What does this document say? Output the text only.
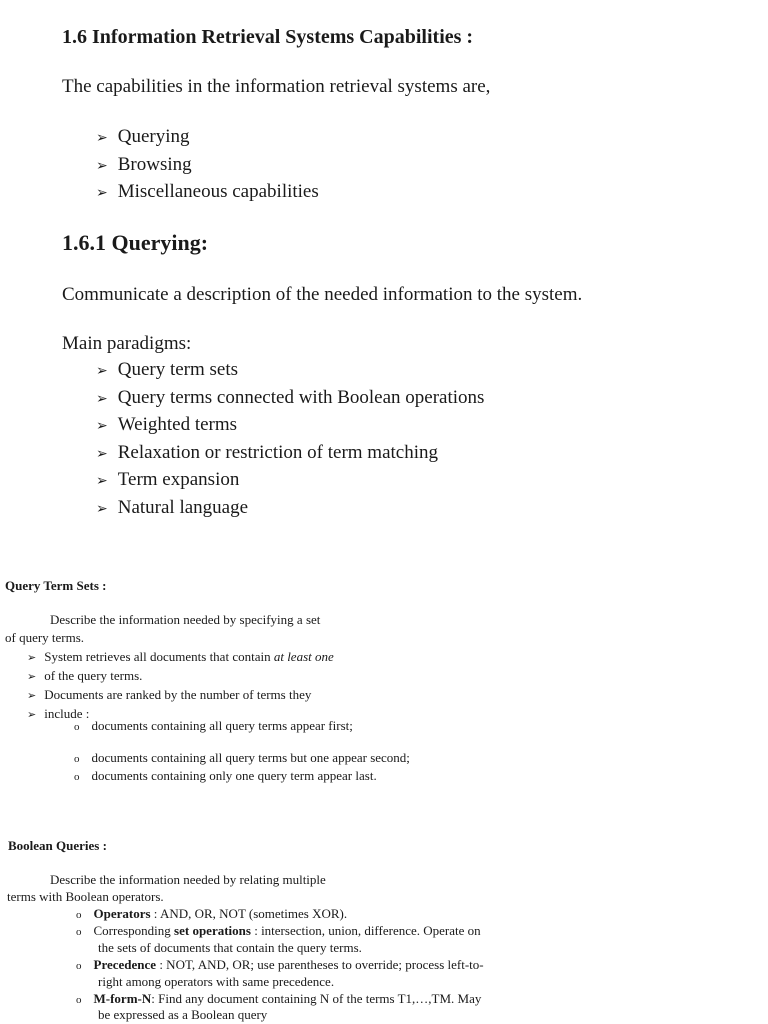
1.6 Information Retrieval Systems Capabilities :
The capabilities in the information retrieval systems are,
➢ Querying
➢ Browsing
➢ Miscellaneous capabilities
1.6.1 Querying:
Communicate a description of the needed information to the system.
Main paradigms:
➢ Query term sets
➢ Query terms connected with Boolean operations
➢ Weighted terms
➢ Relaxation or restriction of term matching
➢ Term expansion
➢ Natural language
Query Term Sets :
Describe the information needed by specifying a set
of query terms.
➢ System retrieves all documents that contain at least one
➢ of the query terms.
➢ Documents are ranked by the number of terms they
➢ include :
o documents containing all query terms appear first;
o documents containing all query terms but one appear second;
o documents containing only one query term appear last.
Boolean Queries :
Describe the information needed by relating multiple
terms with Boolean operators.
o Operators : AND, OR, NOT (sometimes XOR).
o Corresponding set operations : intersection, union, difference. Operate on
the sets of documents that contain the query terms.
o Precedence : NOT, AND, OR; use parentheses to override; process left-to-
right among operators with same precedence.
o M-form-N: Find any document containing N of the terms T1,…,TM. May
be expressed as a Boolean query
